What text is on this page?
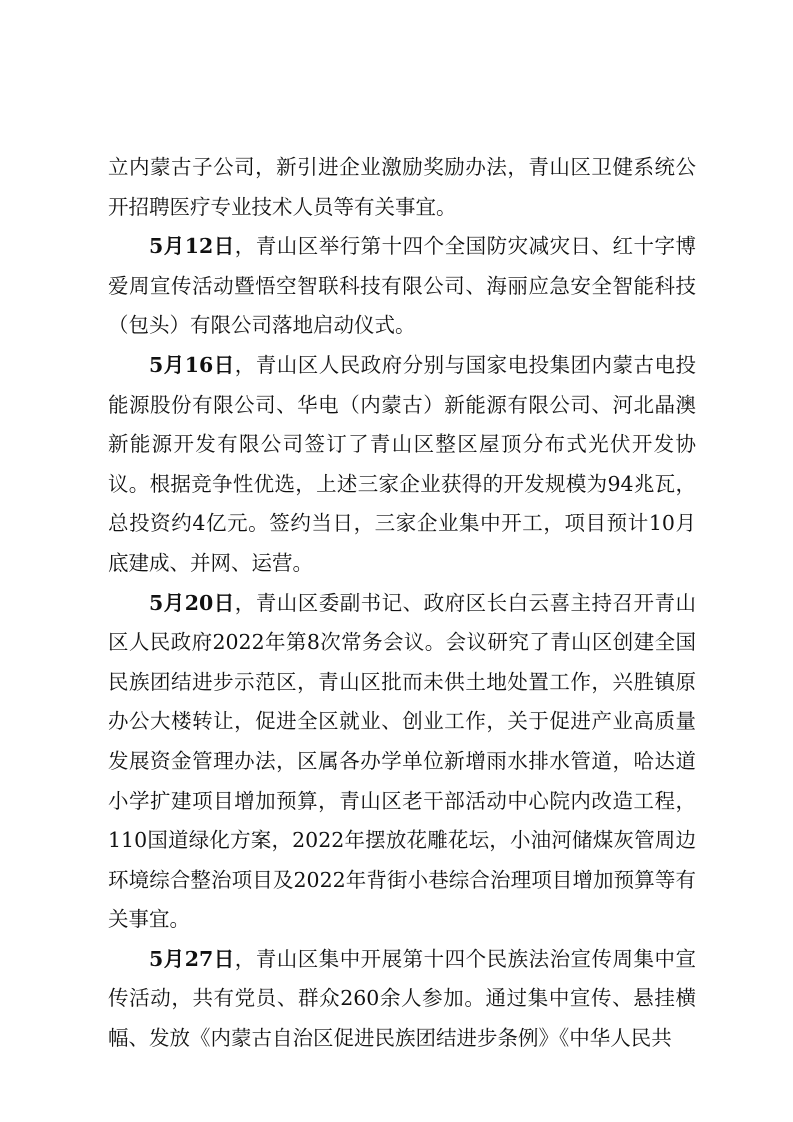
立内蒙古子公司，新引进企业激励奖励办法，青山区卫健系统公开招聘医疗专业技术人员等有关事宜。

5月12日，青山区举行第十四个全国防灾减灾日、红十字博爱周宣传活动暨悟空智联科技有限公司、海丽应急安全智能科技（包头）有限公司落地启动仪式。

5月16日，青山区人民政府分别与国家电投集团内蒙古电投能源股份有限公司、华电（内蒙古）新能源有限公司、河北晶澳新能源开发有限公司签订了青山区整区屋顶分布式光伏开发协议。根据竞争性优选，上述三家企业获得的开发规模为94兆瓦，总投资约4亿元。签约当日，三家企业集中开工，项目预计10月底建成、并网、运营。

5月20日，青山区委副书记、政府区长白云喜主持召开青山区人民政府2022年第8次常务会议。会议研究了青山区创建全国民族团结进步示范区，青山区批而未供土地处置工作，兴胜镇原办公大楼转让，促进全区就业、创业工作，关于促进产业高质量发展资金管理办法，区属各办学单位新增雨水排水管道，哈达道小学扩建项目增加预算，青山区老干部活动中心院内改造工程，110国道绿化方案，2022年摆放花雕花坛，小油河储煤灰管周边环境综合整治项目及2022年背街小巷综合治理项目增加预算等有关事宜。

5月27日，青山区集中开展第十四个民族法治宣传周集中宣传活动，共有党员、群众260余人参加。通过集中宣传、悬挂横幅、发放《内蒙古自治区促进民族团结进步条例》《中华人民共
